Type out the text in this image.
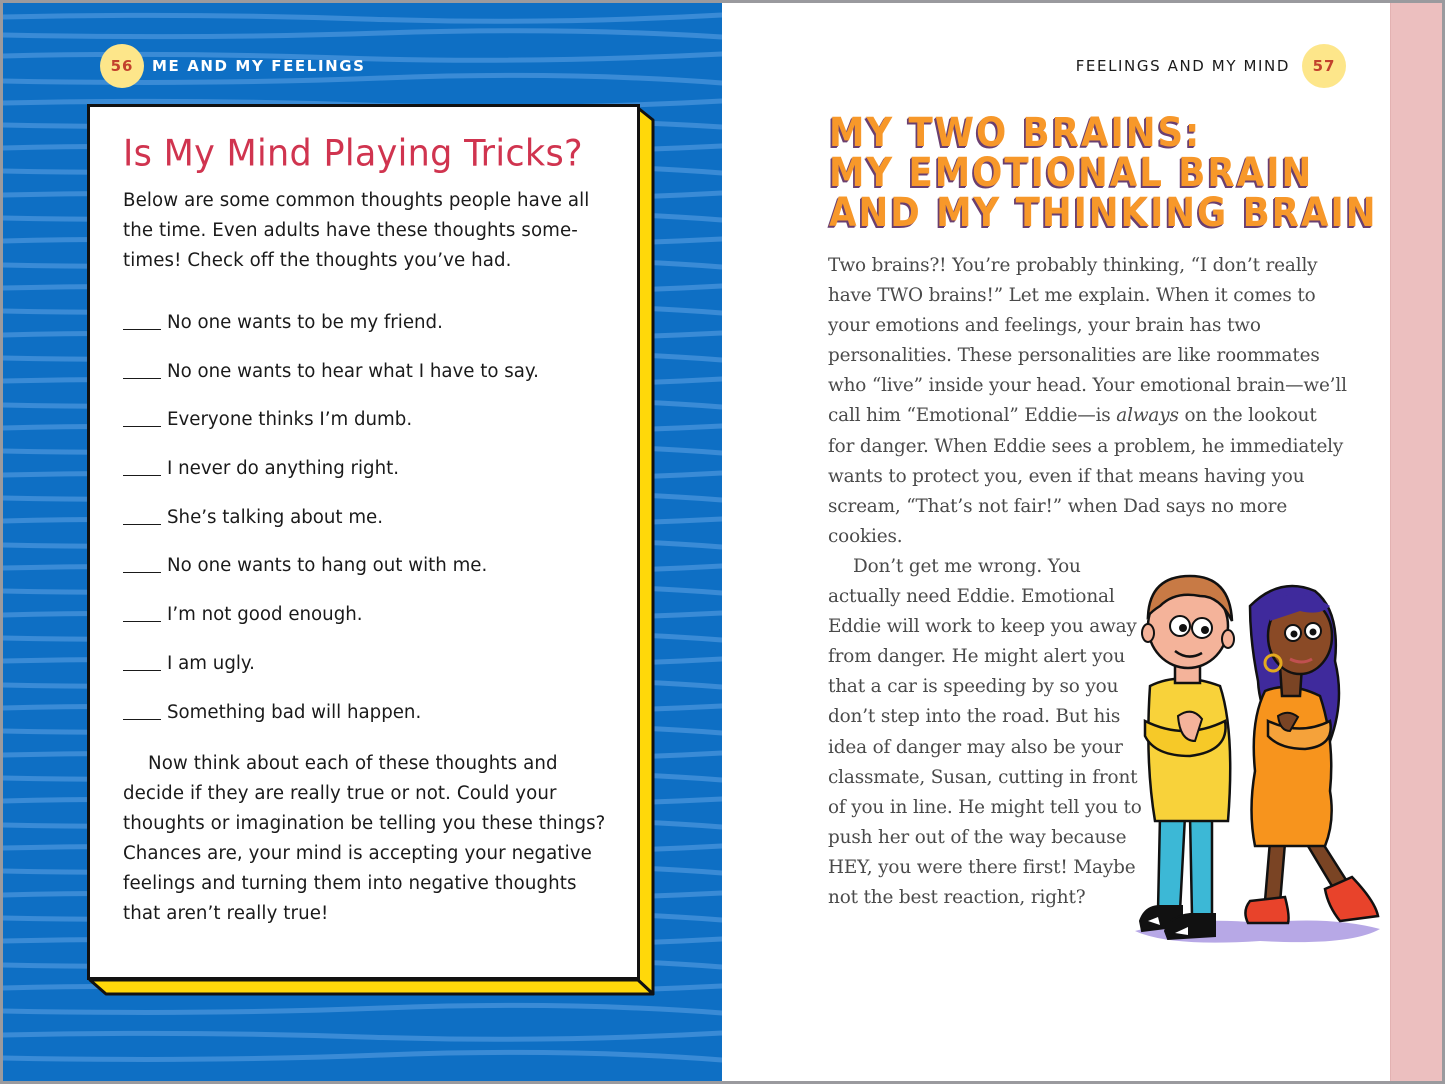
56	ME AND MY FEELINGS
Is My Mind Playing Tricks?

Below are some common thoughts people have all the time. Even adults have these thoughts some-times! Check off the thoughts you’ve had.

No one wants to be my friend.
No one wants to hear what I have to say.
Everyone thinks I’m dumb.
I never do anything right.
She’s talking about me.
No one wants to hang out with me.
I’m not good enough.
I am ugly.
Something bad will happen.

Now think about each of these thoughts and decide if they are really true or not. Could your thoughts or imagination be telling you these things? Chances are, your mind is accepting your negative feelings and turning them into negative thoughts that aren’t really true!

FEELINGS AND MY MIND	57
MY TWO BRAINS:
MY EMOTIONAL BRAIN
AND MY THINKING BRAIN

Two brains?! You’re probably thinking, “I don’t really have TWO brains!” Let me explain. When it comes to your emotions and feelings, your brain has two personalities. These personalities are like roommates who “live” inside your head. Your emotional brain—we’ll call him “Emotional” Eddie—is always on the lookout for danger. When Eddie sees a problem, he immediately wants to protect you, even if that means having you scream, “That’s not fair!” when Dad says no more cookies.

Don’t get me wrong. You actually need Eddie. Emotional Eddie will work to keep you away from danger. He might alert you that a car is speeding by so you don’t step into the road. But his idea of danger may also be your classmate, Susan, cutting in front of you in line. He might tell you to push her out of the way because HEY, you were there first! Maybe not the best reaction, right?
